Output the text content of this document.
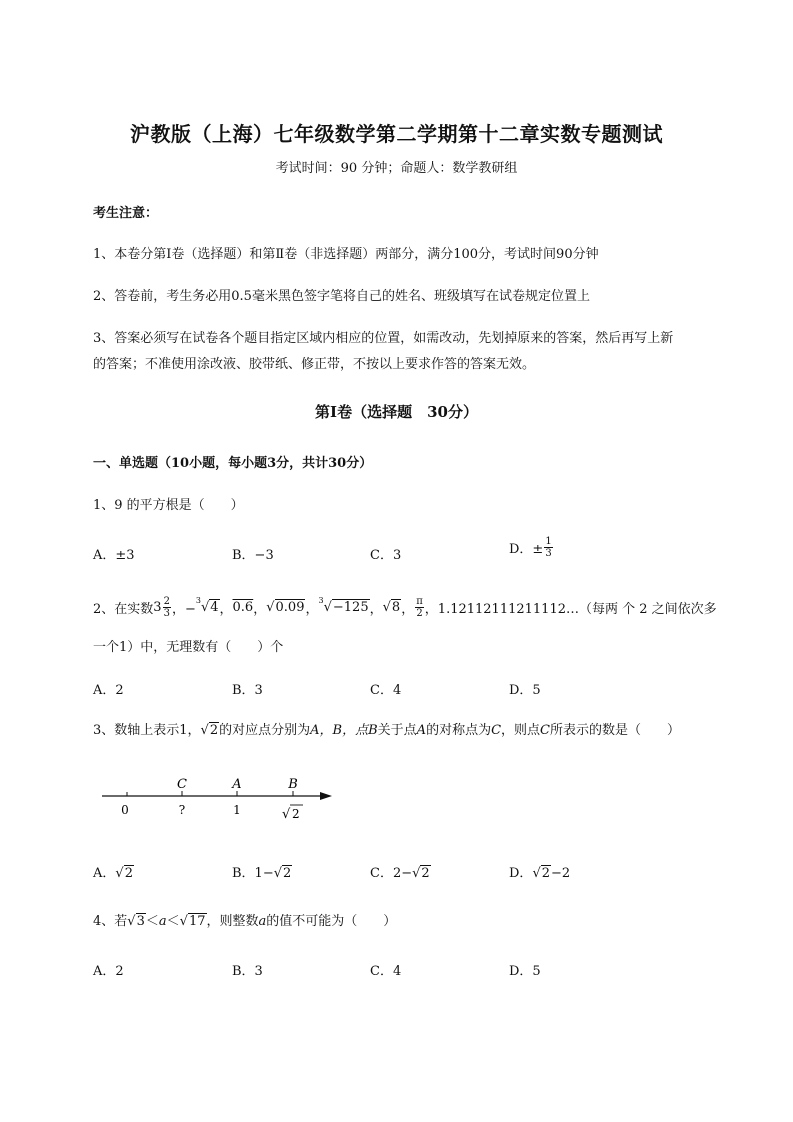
沪教版（上海）七年级数学第二学期第十二章实数专题测试
考试时间：90 分钟；命题人：数学教研组
考生注意：
1、本卷分第Ⅰ卷（选择题）和第Ⅱ卷（非选择题）两部分，满分100分，考试时间90分钟
2、答卷前，考生务必用0.5毫米黑色签字笔将自己的姓名、班级填写在试卷规定位置上
3、答案必须写在试卷各个题目指定区域内相应的位置，如需改动，先划掉原来的答案，然后再写上新
的答案；不准使用涂改液、胶带纸、修正带，不按以上要求作答的答案无效。
第Ⅰ卷（选择题　30分）
一、单选题（10小题，每小题3分，共计30分）
1、9 的平方根是（　　）
A．±3	B．−3	C．3	D．± $\frac{1}{3}$
2、在实数$3 \frac{2}{3}$ ，−$^3$√4，0.6，√0.09，$^3$√−125，√8， $\frac{\pi}{2}$ ，1.12112111211112…（每两 个 2 之间依次多
一个1）中，无理数有（　　）个
A．2	B．3	C．4	D．5
3、数轴上表示1，√2的对应点分别为A，B，点B关于点A的对称点为C，则点C所表示的数是（　　）
C	A	B
0	?	1	√ 2
A．√2	B．1−√2	C．2−√2	D．√2−2
4、若√3＜a＜√17，则整数a的值不可能为（　　）
A．2	B．3	C．4	D．5
